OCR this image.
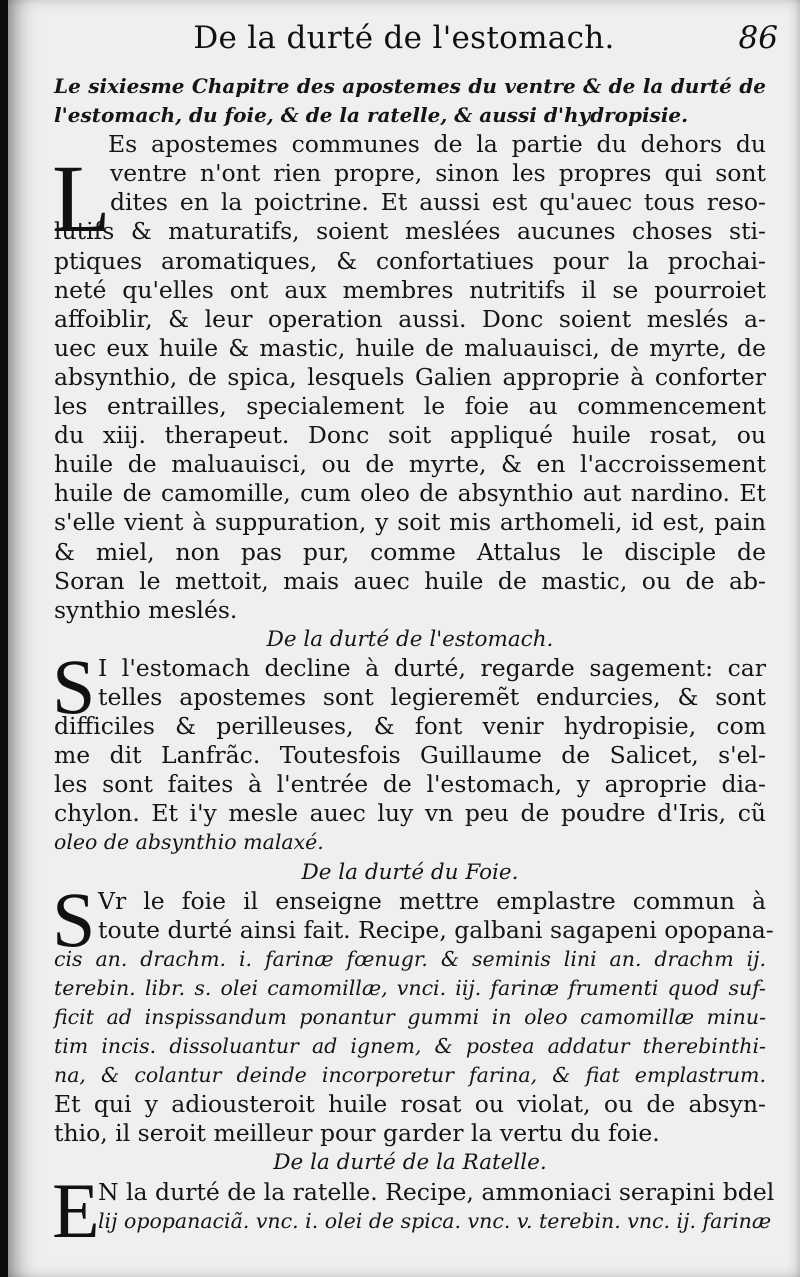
De la durté de l'estomach.	86
Le sixiesme Chapitre des apostemes du ventre & de la durté de
l'estomach, du foie, & de la ratelle, & aussi d'hydropisie.
Es apostemes communes de la partie du dehors du
L ventre n'ont rien propre, sinon les propres qui sont
dites en la poictrine. Et aussi est qu'auec tous reso-
lutifs & maturatifs, soient meslées aucunes choses sti-
ptiques aromatiques, & confortatiues pour la prochai-
neté qu'elles ont aux membres nutritifs il se pourroiet
affoiblir, & leur operation aussi. Donc soient meslés a-
uec eux huile & mastic, huile de maluauisci, de myrte, de
absynthio, de spica, lesquels Galien approprie à conforter
les entrailles, specialement le foie au commencement
du xiij. therapeut. Donc soit appliqué huile rosat, ou
huile de maluauisci, ou de myrte, & en l'accroissement
huile de camomille, cum oleo de absynthio aut nardino. Et
s'elle vient à suppuration, y soit mis arthomeli, id est, pain
& miel, non pas pur, comme Attalus le disciple de
Soran le mettoit, mais auec huile de mastic, ou de ab-
synthio meslés.
De la durté de l'estomach.
S I l'estomach decline à durté, regarde sagement: car
telles apostemes sont legieremẽt endurcies, & sont
difficiles & perilleuses, & font venir hydropisie, com
me dit Lanfrãc. Toutesfois Guillaume de Salicet, s'el-
les sont faites à l'entrée de l'estomach, y aproprie dia-
chylon. Et i'y mesle auec luy vn peu de poudre d'Iris, cũ
oleo de absynthio malaxé.
De la durté du Foie.
S Vr le foie il enseigne mettre emplastre commun à
toute durté ainsi fait. Recipe, galbani sagapeni opopana-
cis an. drachm. i. farinæ fœnugr. & seminis lini an. drachm ij.
terebin. libr. s. olei camomillæ, vnci. iij. farinæ frumenti quod suf-
ficit ad inspissandum ponantur gummi in oleo camomillæ minu-
tim incis. dissoluantur ad ignem, & postea addatur therebinthi-
na, & colantur deinde incorporetur farina, & fiat emplastrum.
Et qui y adiousteroit huile rosat ou violat, ou de absyn-
thio, il seroit meilleur pour garder la vertu du foie.
De la durté de la Ratelle.
E
N la durté de la ratelle. Recipe, ammoniaci serapini bdel
lij opopanaciã. vnc. i. olei de spica. vnc. v. terebin. vnc. ij. farinæ
